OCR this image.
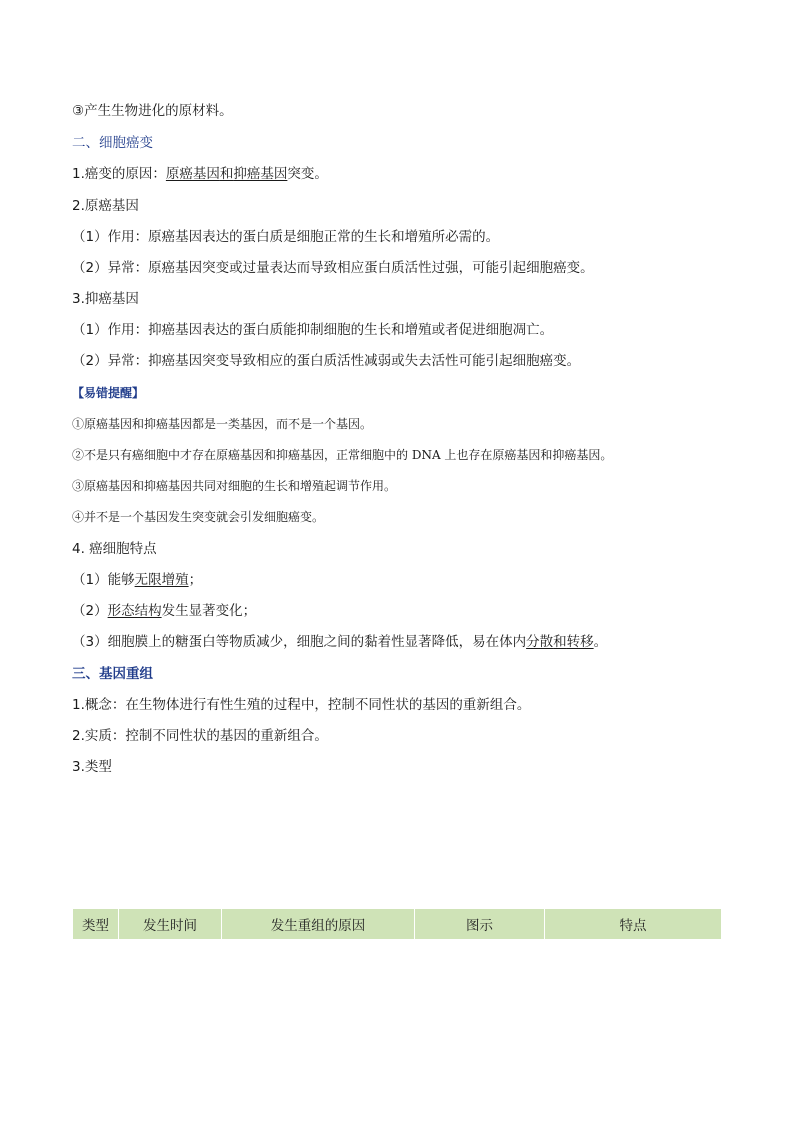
③产生生物进化的原材料。
二、细胞癌变
1.癌变的原因：原癌基因和抑癌基因突变。
2.原癌基因
（1）作用：原癌基因表达的蛋白质是细胞正常的生长和增殖所必需的。
（2）异常：原癌基因突变或过量表达而导致相应蛋白质活性过强，可能引起细胞癌变。
3.抑癌基因
（1）作用：抑癌基因表达的蛋白质能抑制细胞的生长和增殖或者促进细胞凋亡。
（2）异常：抑癌基因突变导致相应的蛋白质活性减弱或失去活性可能引起细胞癌变。
【易错提醒】
①原癌基因和抑癌基因都是一类基因，而不是一个基因。
②不是只有癌细胞中才存在原癌基因和抑癌基因，正常细胞中的 DNA 上也存在原癌基因和抑癌基因。
③原癌基因和抑癌基因共同对细胞的生长和增殖起调节作用。
④并不是一个基因发生突变就会引发细胞癌变。
4. 癌细胞特点
（1）能够无限增殖；
（2）形态结构发生显著变化；
（3）细胞膜上的糖蛋白等物质减少，细胞之间的黏着性显著降低，易在体内分散和转移。
三、基因重组
1.概念：在生物体进行有性生殖的过程中，控制不同性状的基因的重新组合。
2.实质：控制不同性状的基因的重新组合。
3.类型
类型	发生时间	发生重组的原因	图示	特点
